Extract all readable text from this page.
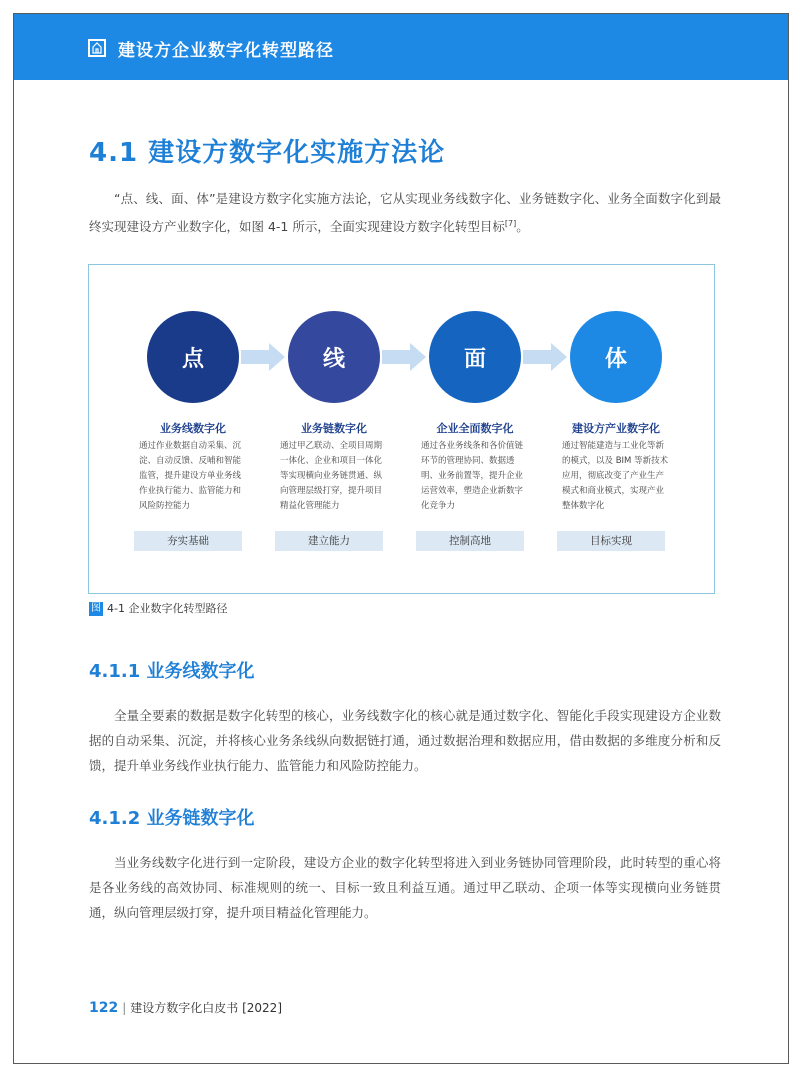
建设方企业数字化转型路径
4.1 建设方数字化实施方法论
“点、线、面、体”是建设方数字化实施方法论，它从实现业务线数字化、业务链数字化、业务全面数字化到最终实现建设方产业数字化，如图 4-1 所示，全面实现建设方数字化转型目标[7]。
点
业务线数字化
通过作业数据自动采集、沉淀、自动反馈、反哺和智能监管，提升建设方单业务线作业执行能力、监管能力和风险防控能力
夯实基础
线
业务链数字化
通过甲乙联动、全项目周期一体化、企业和项目一体化等实现横向业务链贯通、纵向管理层级打穿，提升项目精益化管理能力
建立能力
面
企业全面数字化
通过各业务线条和各价值链环节的管理协同、数据透明、业务前置等，提升企业运营效率，塑造企业新数字化竞争力
控制高地
体
建设方产业数字化
通过智能建造与工业化等新的模式，以及 BIM 等新技术应用，彻底改变了产业生产模式和商业模式，实现产业整体数字化
目标实现
图 4-1 企业数字化转型路径
4.1.1 业务线数字化
全量全要素的数据是数字化转型的核心，业务线数字化的核心就是通过数字化、智能化手段实现建设方企业数据的自动采集、沉淀，并将核心业务条线纵向数据链打通，通过数据治理和数据应用，借由数据的多维度分析和反馈，提升单业务线作业执行能力、监管能力和风险防控能力。
4.1.2 业务链数字化
当业务线数字化进行到一定阶段，建设方企业的数字化转型将进入到业务链协同管理阶段，此时转型的重心将是各业务线的高效协同、标准规则的统一、目标一致且利益互通。通过甲乙联动、企项一体等实现横向业务链贯通，纵向管理层级打穿，提升项目精益化管理能力。
122 | 建设方数字化白皮书 [2022]
